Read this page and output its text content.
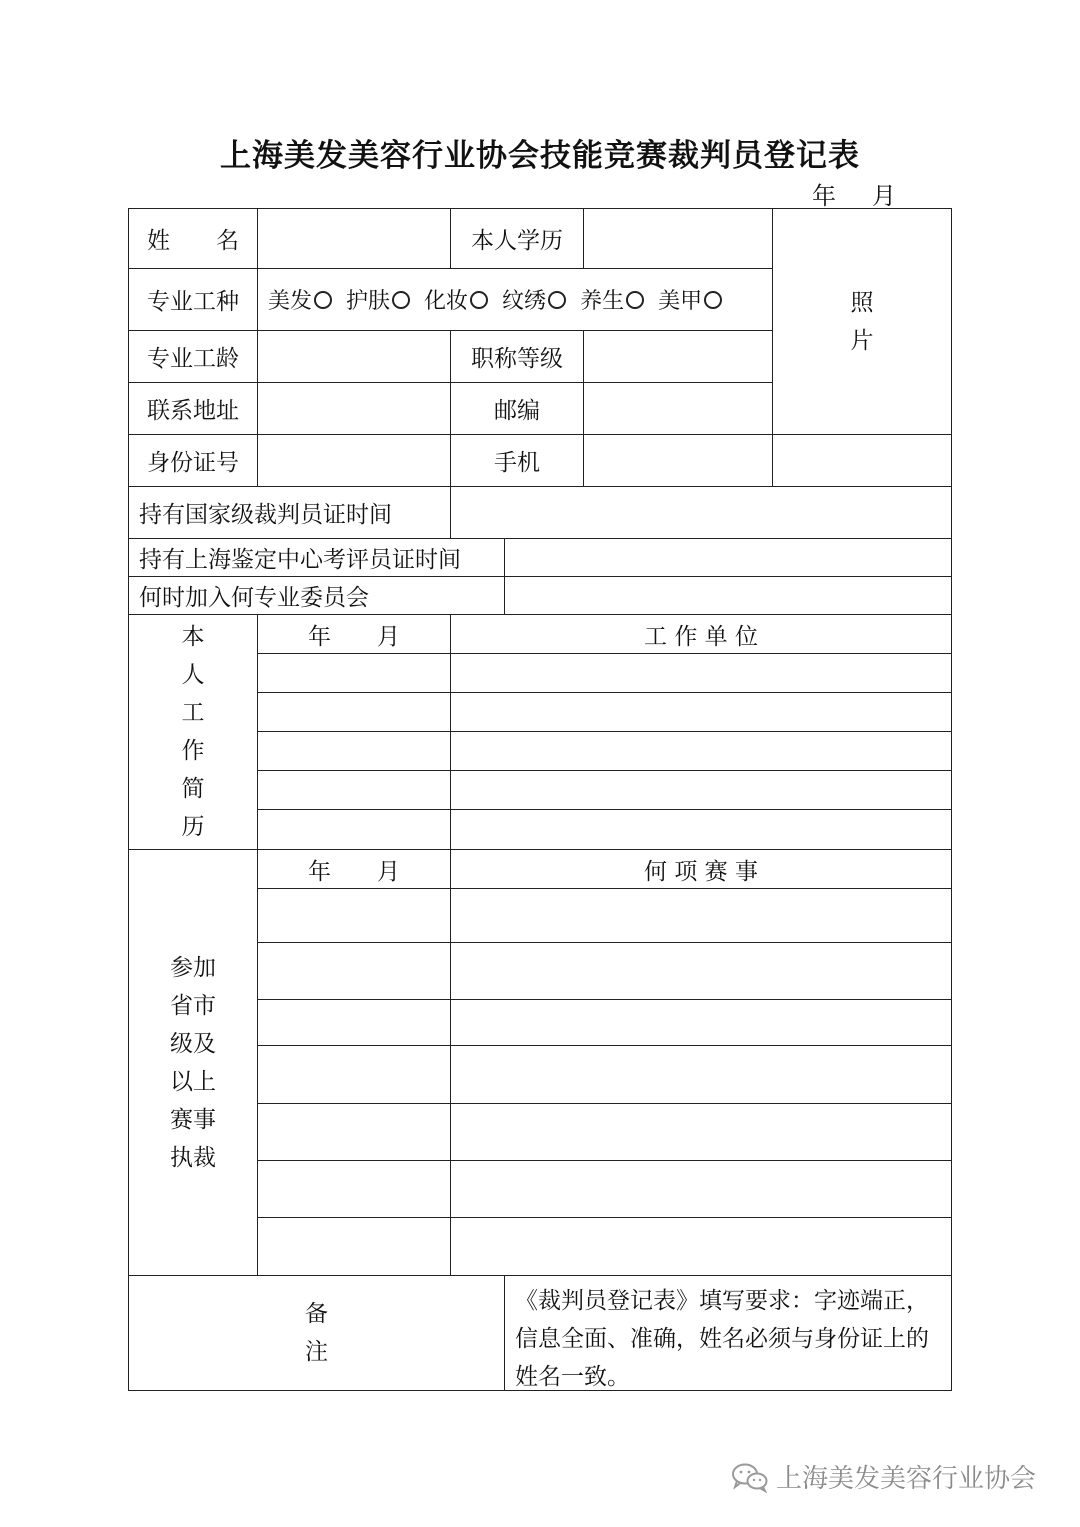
上海美发美容行业协会技能竞赛裁判员登记表
年 月
姓　　名	本人学历
照
片
专业工种 美发 护肤 化妆 纹绣 养生 美甲
专业工龄	职称等级
联系地址	邮编
身份证号	手机
持有国家级裁判员证时间
持有上海鉴定中心考评员证时间
何时加入何专业委员会
本
人
工
作
简
历
年　　月	工 作 单 位
参加
省市
级及
以上
赛事
执裁
年　　月	何 项 赛 事
备
注
《裁判员登记表》填写要求：字迹端正，信息全面、准确，姓名必须与身份证上的姓名一致。
上海美发美容行业协会
